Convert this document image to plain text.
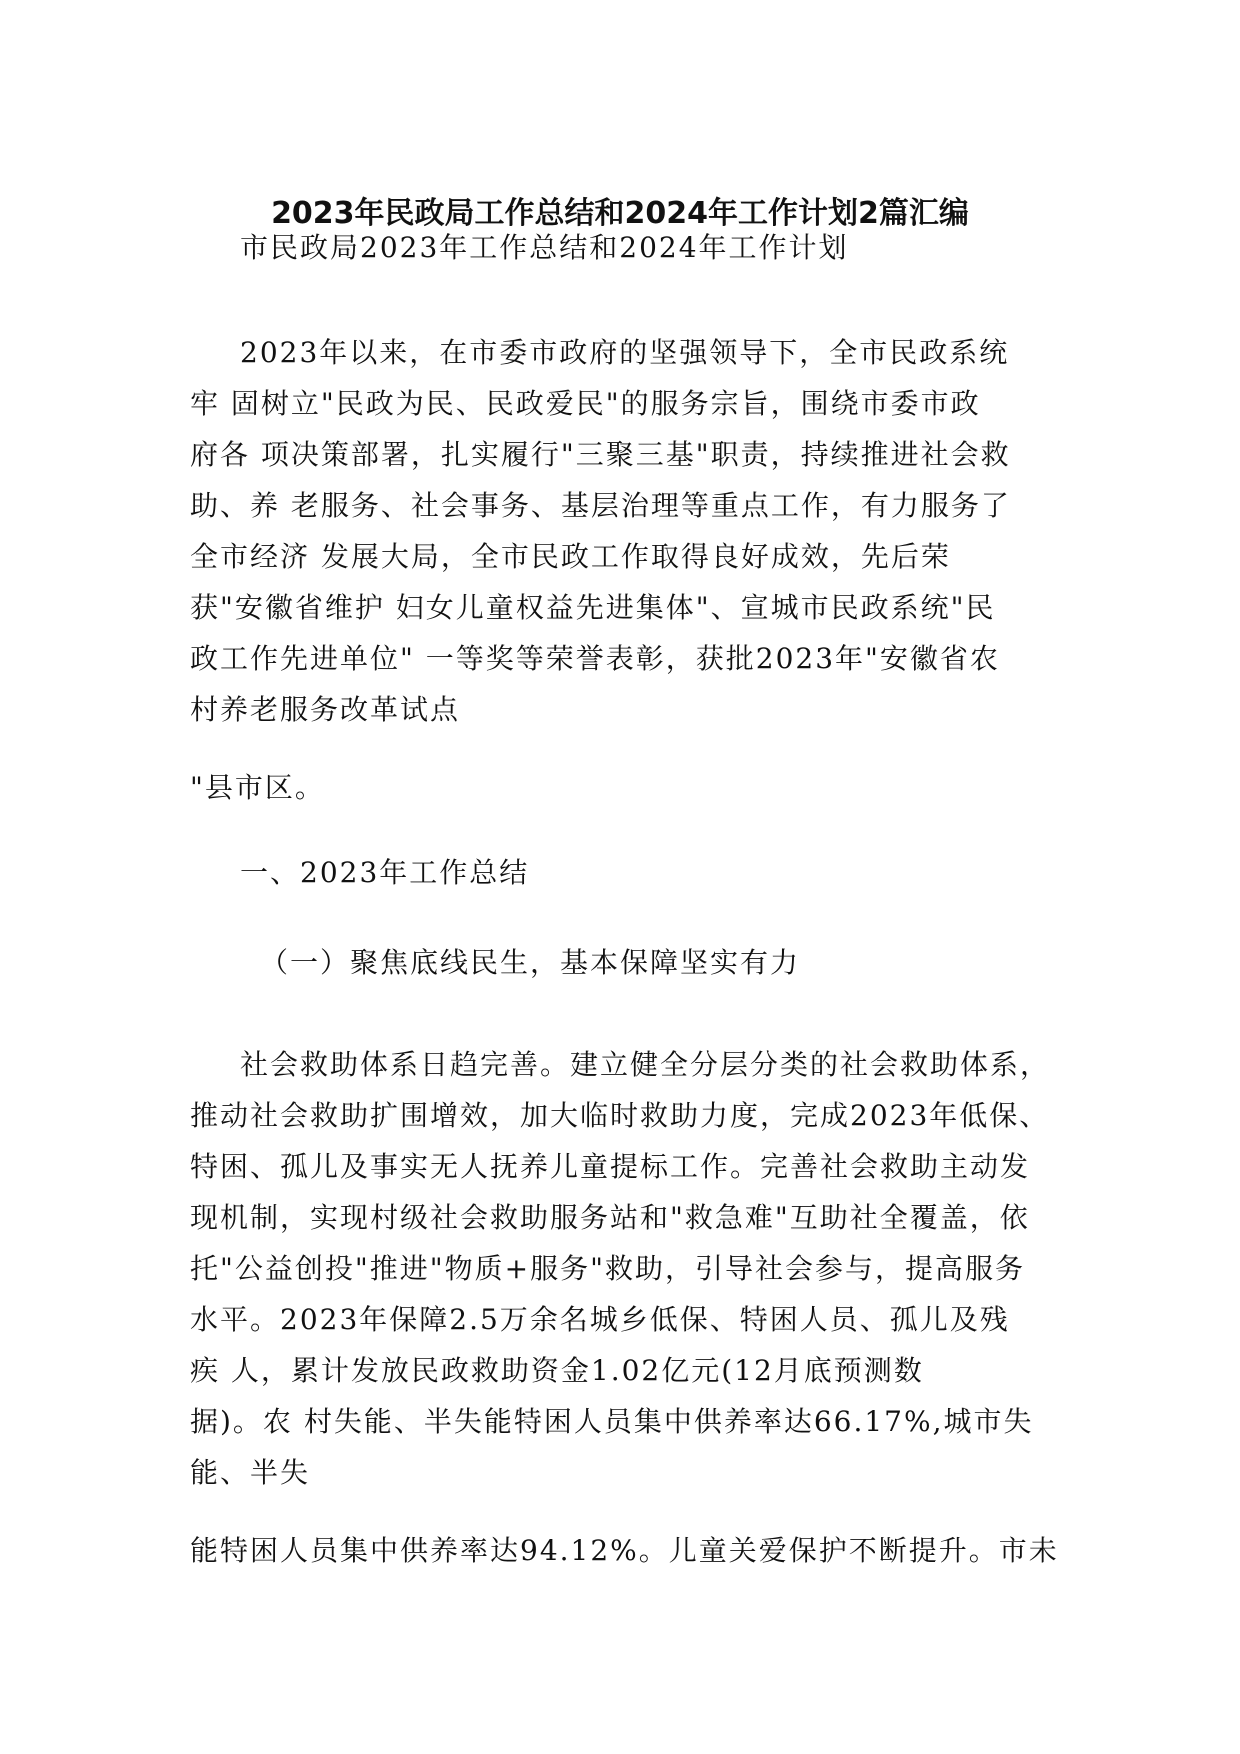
2023年民政局工作总结和2024年工作计划2篇汇编
市民政局2023年工作总结和2024年工作计划
2023年以来，在市委市政府的坚强领导下，全市民政系统
牢 固树立"民政为民、民政爱民"的服务宗旨，围绕市委市政
府各 项决策部署，扎实履行"三聚三基"职责，持续推进社会救
助、养 老服务、社会事务、基层治理等重点工作，有力服务了
全市经济 发展大局，全市民政工作取得良好成效，先后荣
获"安徽省维护 妇女儿童权益先进集体"、宣城市民政系统"民
政工作先进单位" 一等奖等荣誉表彰，获批2023年"安徽省农
村养老服务改革试点
"县市区。
一、2023年工作总结
（一）聚焦底线民生，基本保障坚实有力
社会救助体系日趋完善。建立健全分层分类的社会救助体系，
推动社会救助扩围增效，加大临时救助力度，完成2023年低保、
特困、孤儿及事实无人抚养儿童提标工作。完善社会救助主动发
现机制，实现村级社会救助服务站和"救急难"互助社全覆盖，依
托"公益创投"推进"物质+服务"救助，引导社会参与，提高服务
水平。2023年保障2.5万余名城乡低保、特困人员、孤儿及残
疾 人，累计发放民政救助资金1.02亿元(12月底预测数
据)。农 村失能、半失能特困人员集中供养率达66.17%,城市失
能、半失
能特困人员集中供养率达94.12%。儿童关爱保护不断提升。市未
